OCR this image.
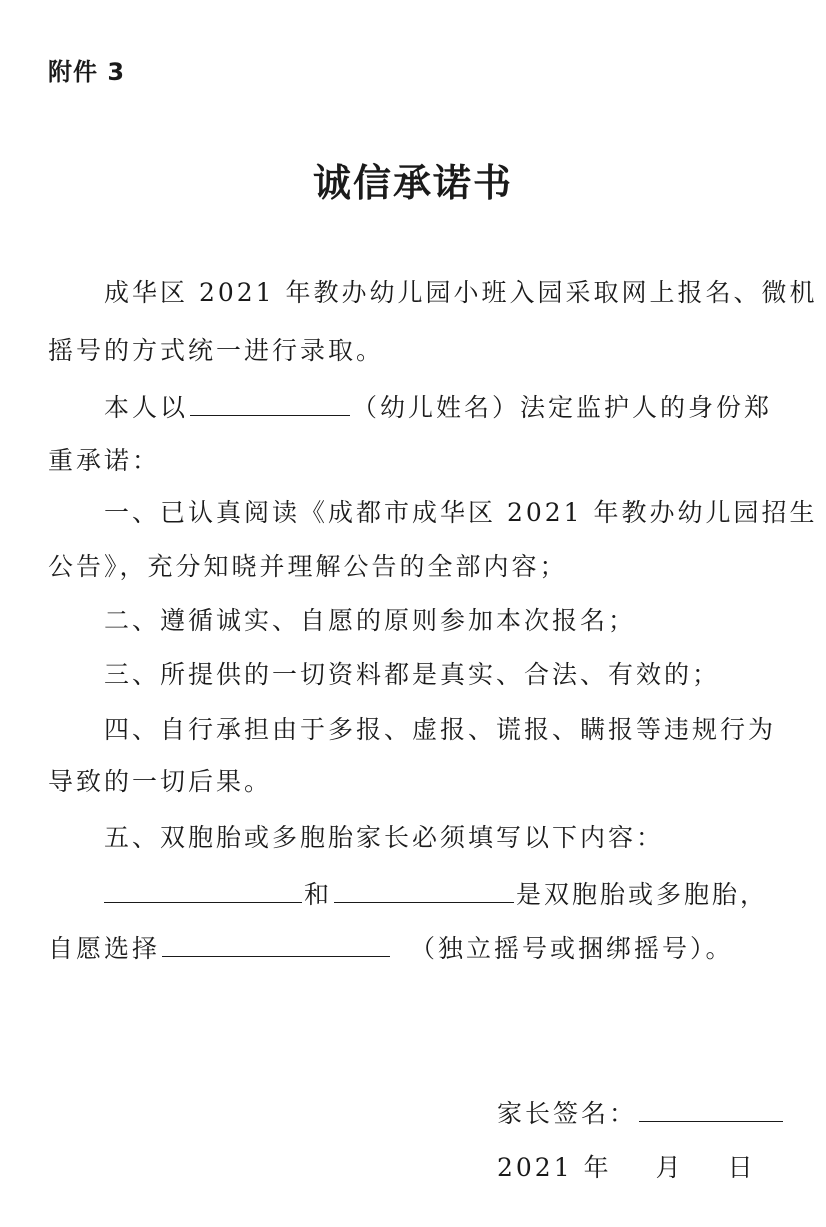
附件 3
诚信承诺书
成华区 2021 年教办幼儿园小班入园采取网上报名、微机
摇号的方式统一进行录取。
本人以	（幼儿姓名）法定监护人的身份郑
重承诺：
一、已认真阅读《成都市成华区 2021 年教办幼儿园招生
公告》，充分知晓并理解公告的全部内容；
二、遵循诚实、自愿的原则参加本次报名；
三、所提供的一切资料都是真实、合法、有效的；
四、自行承担由于多报、虚报、谎报、瞒报等违规行为
导致的一切后果。
五、双胞胎或多胞胎家长必须填写以下内容：
和	是双胞胎或多胞胎，
自愿选择	（独立摇号或捆绑摇号）。
家长签名：
2021 年 月 日
